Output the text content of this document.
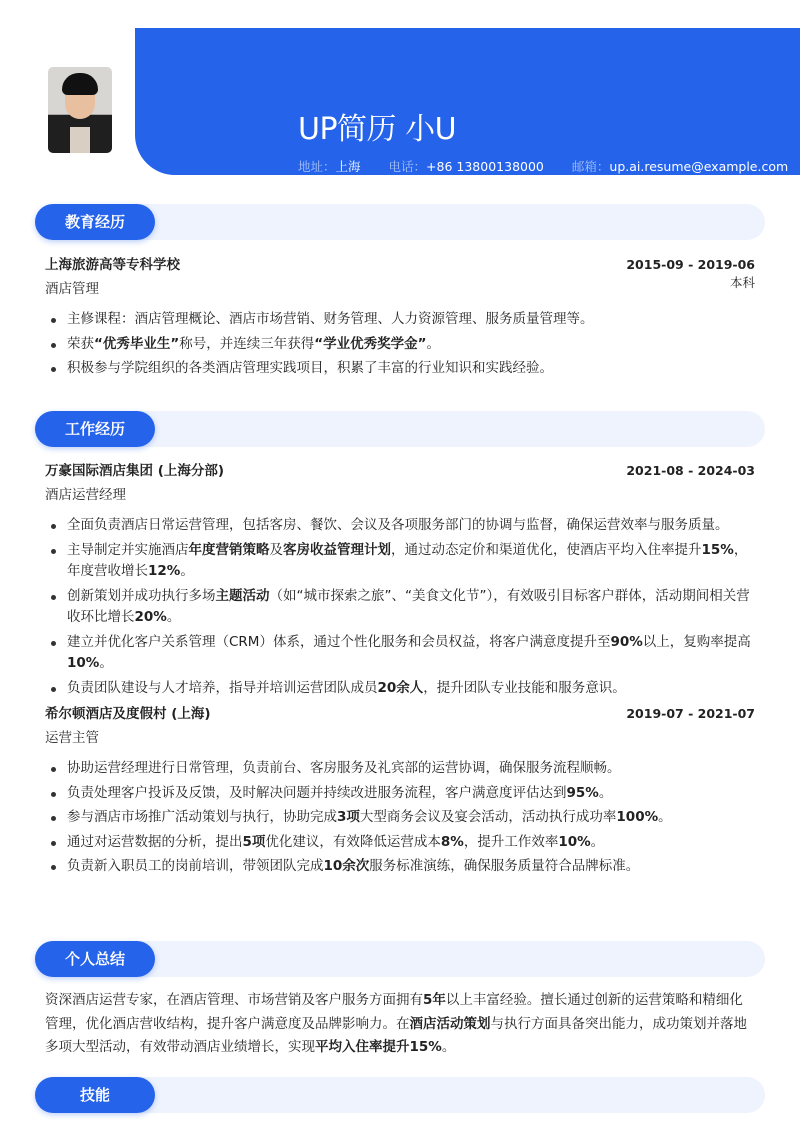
UP简历 小U
地址：上海 电话：+86 13800138000 邮箱：up.ai.resume@example.com
教育经历
上海旅游高等专科学校	2015-09 - 2019-06
本科
酒店管理
主修课程：酒店管理概论、酒店市场营销、财务管理、人力资源管理、服务质量管理等。
荣获“优秀毕业生”称号，并连续三年获得“学业优秀奖学金”。
积极参与学院组织的各类酒店管理实践项目，积累了丰富的行业知识和实践经验。
工作经历
万豪国际酒店集团 (上海分部)	2021-08 - 2024-03
酒店运营经理
全面负责酒店日常运营管理，包括客房、餐饮、会议及各项服务部门的协调与监督，确保运营效率与服务质量。
主导制定并实施酒店年度营销策略及客房收益管理计划，通过动态定价和渠道优化，使酒店平均入住率提升15%，年度营收增长12%。
创新策划并成功执行多场主题活动（如“城市探索之旅”、“美食文化节”），有效吸引目标客户群体，活动期间相关营收环比增长20%。
建立并优化客户关系管理（CRM）体系，通过个性化服务和会员权益，将客户满意度提升至90%以上，复购率提高10%。
负责团队建设与人才培养，指导并培训运营团队成员20余人，提升团队专业技能和服务意识。
希尔顿酒店及度假村 (上海)	2019-07 - 2021-07
运营主管
协助运营经理进行日常管理，负责前台、客房服务及礼宾部的运营协调，确保服务流程顺畅。
负责处理客户投诉及反馈，及时解决问题并持续改进服务流程，客户满意度评估达到95%。
参与酒店市场推广活动策划与执行，协助完成3项大型商务会议及宴会活动，活动执行成功率100%。
通过对运营数据的分析，提出5项优化建议，有效降低运营成本8%，提升工作效率10%。
负责新入职员工的岗前培训，带领团队完成10余次服务标准演练，确保服务质量符合品牌标准。
个人总结
资深酒店运营专家，在酒店管理、市场营销及客户服务方面拥有5年以上丰富经验。擅长通过创新的运营策略和精细化管理，优化酒店营收结构，提升客户满意度及品牌影响力。在酒店活动策划与执行方面具备突出能力，成功策划并落地多项大型活动，有效带动酒店业绩增长，实现平均入住率提升15%。
技能
